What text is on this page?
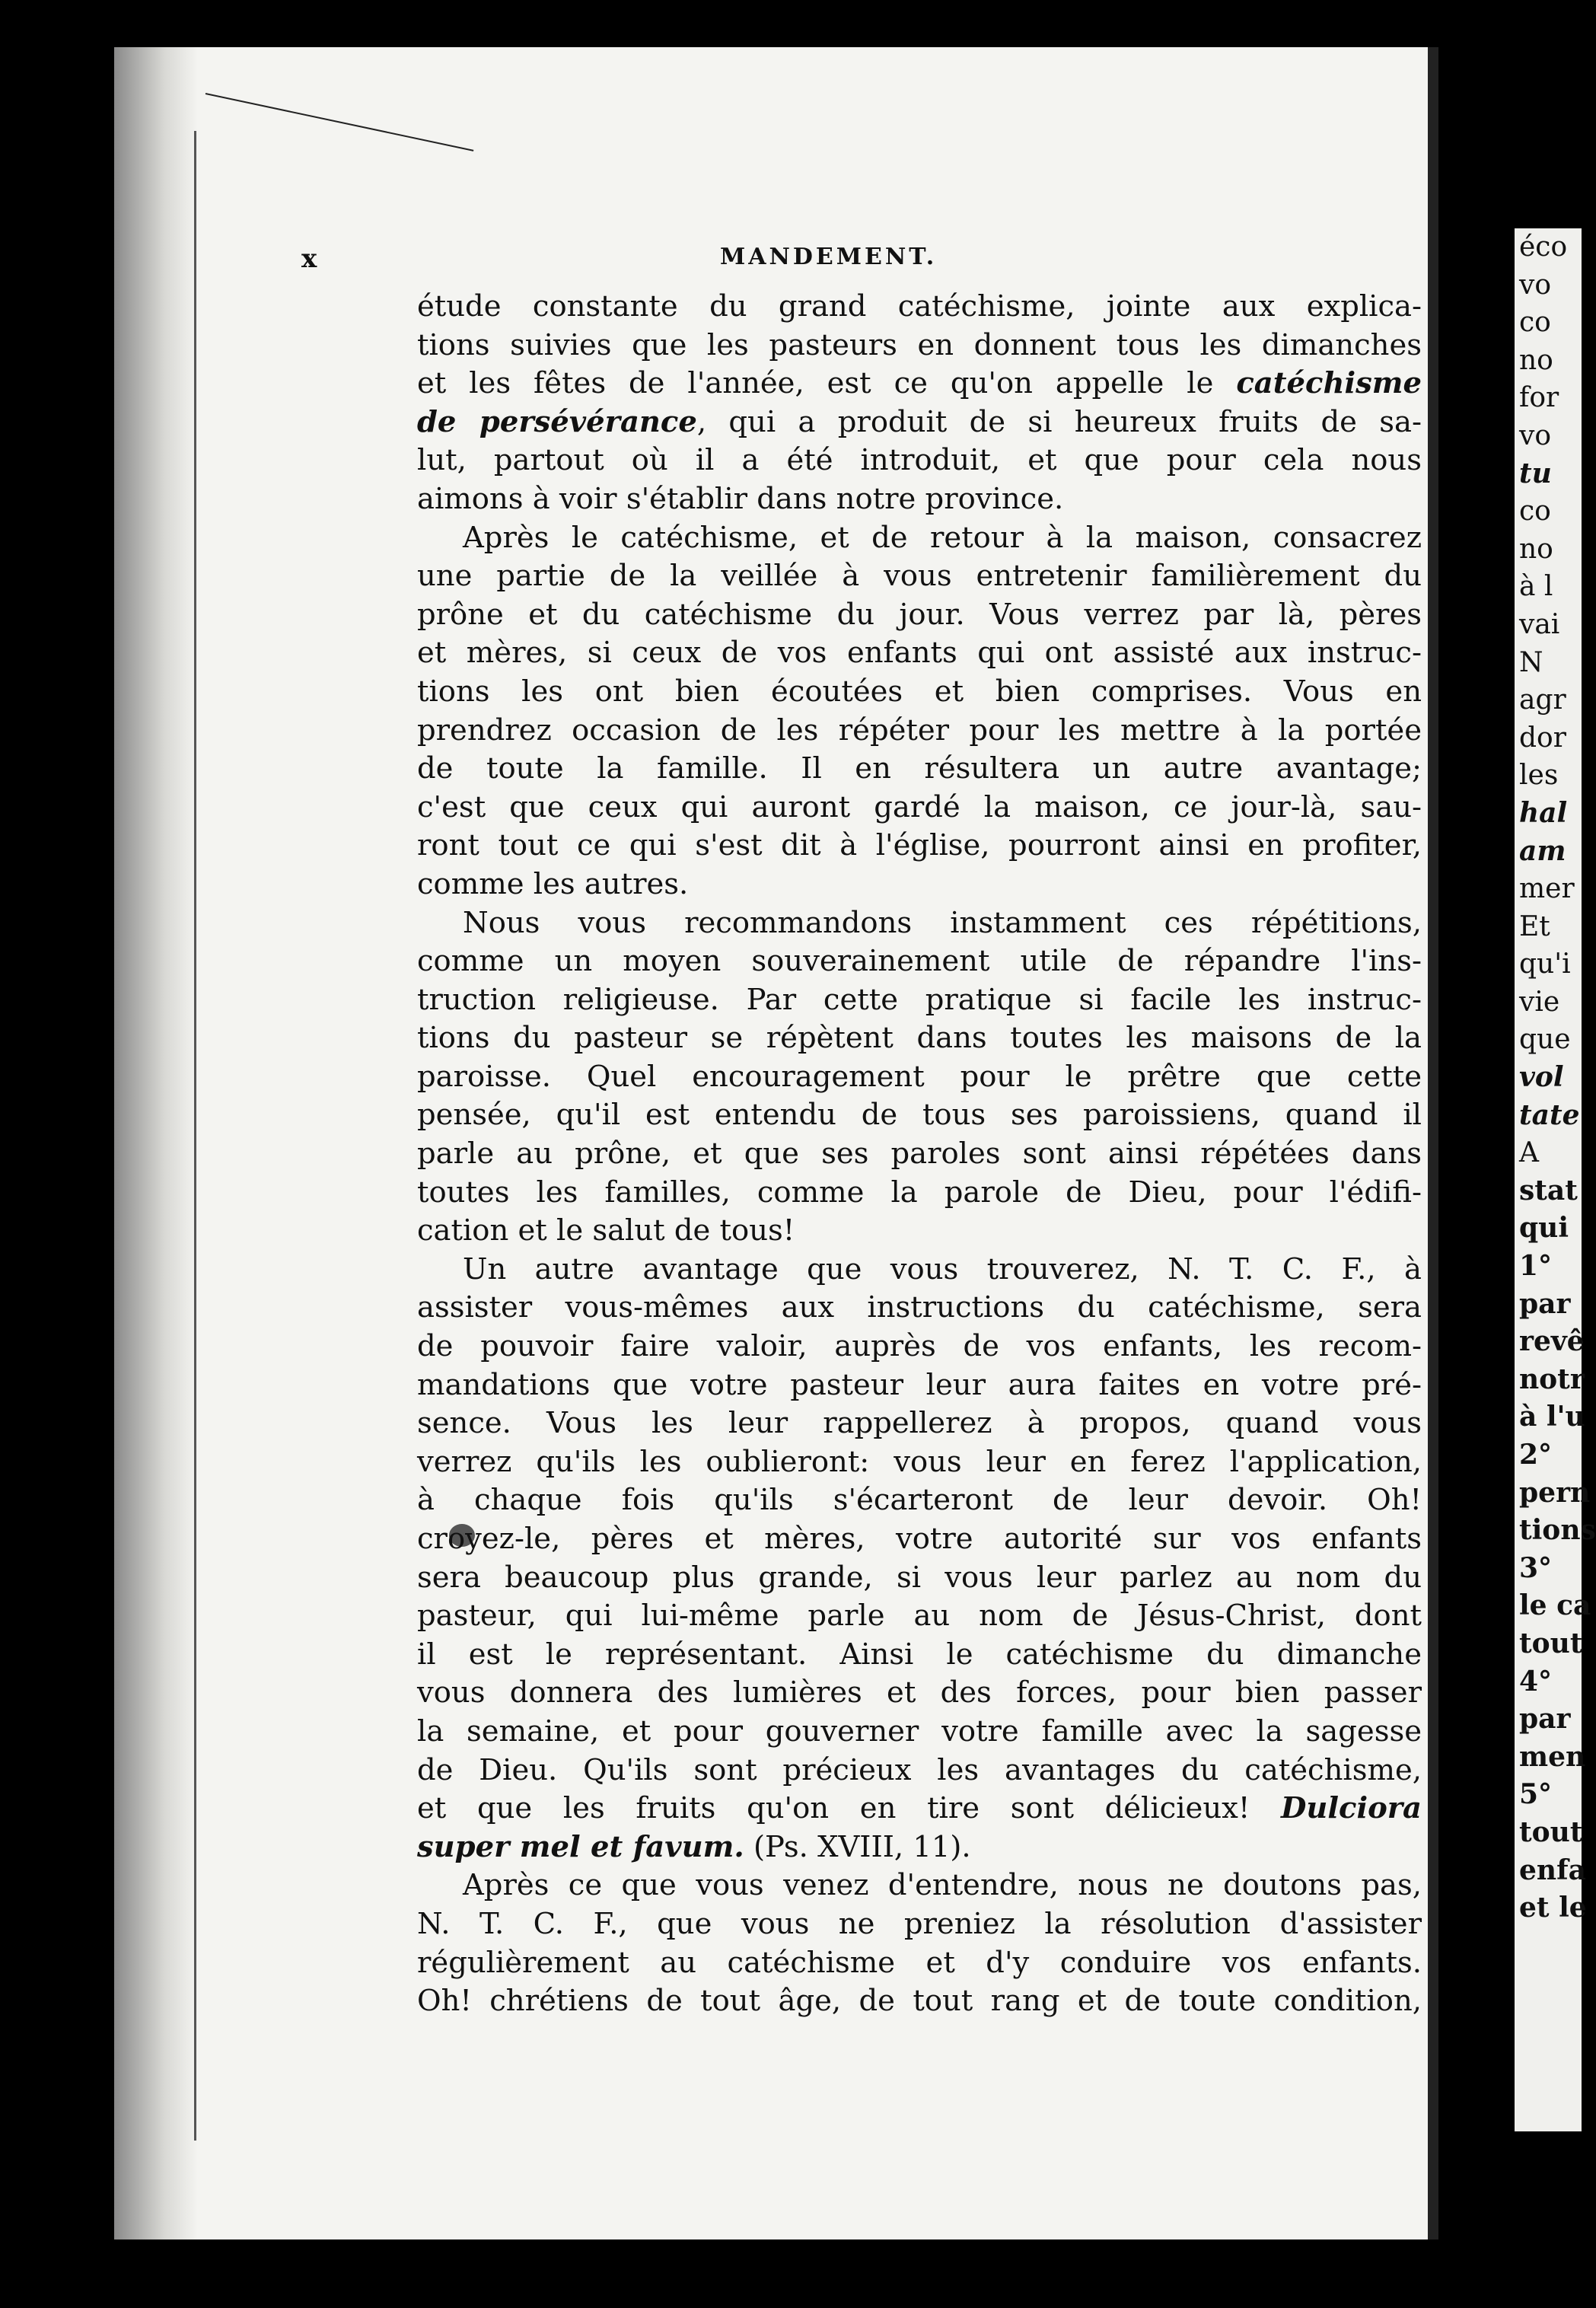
x	MANDEMENT.
étude constante du grand catéchisme, jointe aux explica-
tions suivies que les pasteurs en donnent tous les dimanches
et les fêtes de l'année, est ce qu'on appelle le catéchisme
de persévérance, qui a produit de si heureux fruits de sa-
lut, partout où il a été introduit, et que pour cela nous
aimons à voir s'établir dans notre province.
Après le catéchisme, et de retour à la maison, consacrez
une partie de la veillée à vous entretenir familièrement du
prône et du catéchisme du jour. Vous verrez par là, pères
et mères, si ceux de vos enfants qui ont assisté aux instruc-
tions les ont bien écoutées et bien comprises. Vous en
prendrez occasion de les répéter pour les mettre à la portée
de toute la famille. Il en résultera un autre avantage;
c'est que ceux qui auront gardé la maison, ce jour-là, sau-
ront tout ce qui s'est dit à l'église, pourront ainsi en profiter,
comme les autres.
Nous vous recommandons instamment ces répétitions,
comme un moyen souverainement utile de répandre l'ins-
truction religieuse. Par cette pratique si facile les instruc-
tions du pasteur se répètent dans toutes les maisons de la
paroisse. Quel encouragement pour le prêtre que cette
pensée, qu'il est entendu de tous ses paroissiens, quand il
parle au prône, et que ses paroles sont ainsi répétées dans
toutes les familles, comme la parole de Dieu, pour l'édifi-
cation et le salut de tous!
Un autre avantage que vous trouverez, N. T. C. F., à
assister vous-mêmes aux instructions du catéchisme, sera
de pouvoir faire valoir, auprès de vos enfants, les recom-
mandations que votre pasteur leur aura faites en votre pré-
sence. Vous les leur rappellerez à propos, quand vous
verrez qu'ils les oublieront: vous leur en ferez l'application,
à chaque fois qu'ils s'écarteront de leur devoir. Oh!
croyez-le, pères et mères, votre autorité sur vos enfants
sera beaucoup plus grande, si vous leur parlez au nom du
pasteur, qui lui-même parle au nom de Jésus-Christ, dont
il est le représentant. Ainsi le catéchisme du dimanche
vous donnera des lumières et des forces, pour bien passer
la semaine, et pour gouverner votre famille avec la sagesse
de Dieu. Qu'ils sont précieux les avantages du catéchisme,
et que les fruits qu'on en tire sont délicieux! Dulciora
super mel et favum. (Ps. XVIII, 11).
Après ce que vous venez d'entendre, nous ne doutons pas,
N. T. C. F., que vous ne preniez la résolution d'assister
régulièrement au catéchisme et d'y conduire vos enfants.
Oh! chrétiens de tout âge, de tout rang et de toute condition,
éco
vo
co
no
for
vo
tu
co
no
à l
vai
N
agr
dor
les
hal
am
mer
Et
qu'i
vie
que
vol
tate
A
stat
qui
1°
par
revê
notr
à l'u
2°
pern
tions
3°
le ca
tout
4°
par
men
5°
tout
enfa
et le
